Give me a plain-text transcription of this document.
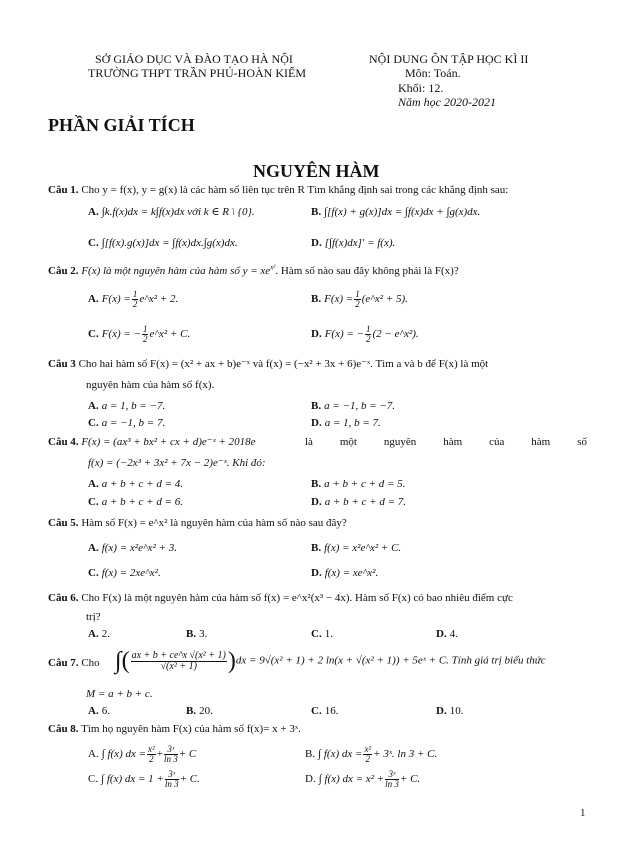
SỞ GIÁO DỤC VÀ ĐÀO TẠO HÀ NỘI
TRƯỜNG THPT TRẦN PHÚ-HOÀN KIẾM
NỘI DUNG ÔN TẬP HỌC KÌ II
Môn: Toán.
Khối: 12.
Năm học 2020-2021
PHẦN GIẢI TÍCH
NGUYÊN HÀM
Câu 1. Cho y = f(x), y = g(x) là các hàm số liên tục trên R Tìm khẳng định sai trong các khẳng định sau:
A. ∫k.f(x)dx = k∫f(x)dx với k ∈ R \ {0}.	B. ∫[f(x) + g(x)]dx = ∫f(x)dx + ∫g(x)dx.
C. ∫[f(x).g(x)]dx = ∫f(x)dx.∫g(x)dx.	D. [∫f(x)dx]′ = f(x).
Câu 2. F(x) là một nguyên hàm của hàm số $y = xe^{x^2}$. Hàm số nào sau đây không phải là F(x)?
A. $F(x) = \frac{1}{2}$ e^x² + 2.	B. $F(x) = \frac{1}{2}$ (e^x² + 5).
C. F(x) = − $\frac{1}{2}$ e^x² + C.	D. F(x) = − $\frac{1}{2} (2$ − e^x²).
Câu 3 Cho hai hàm số F(x) = (x² + ax + b)e⁻ˣ và f(x) = (−x² + 3x + 6)e⁻ˣ. Tìm a và b để F(x) là một
nguyên hàm của hàm số f(x).
A. a = 1, b = −7.	B. a = −1, b = −7.
C. a = −1, b = 7.	D. a = 1, b = 7.
Câu 4. F(x) = (ax³ + bx² + cx + d)e⁻ˣ + 2018e	là một nguyên hàm của hàm số
f(x) = (−2x³ + 3x² + 7x − 2)e⁻ˣ. Khi đó:
A. a + b + c + d = 4.	B. a + b + c + d = 5.
C. a + b + c + d = 6.	D. a + b + c + d = 7.
Câu 5. Hàm số F(x) = e^x² là nguyên hàm của hàm số nào sau đây?
A. f(x) = x²e^x² + 3.	B. f(x) = x²e^x² + C.
C. f(x) = 2xe^x².	D. f(x) = xe^x².
Câu 6. Cho F(x) là một nguyên hàm của hàm số f(x) = e^x²(x³ − 4x). Hàm số F(x) có bao nhiêu điểm cực
trị?
A. 2.	B. 3.	C. 1.	D. 4.
Câu 7. Cho ∫( $\frac{\text{ax + b + ce\textasciicircum{}x √(x² + 1)}}{\text{√(x² + 1)}} )dx = 9√(x^2 + 1) + 2$ ln(x + √(x² + 1)) + 5eˣ + C. Tính giá trị biểu thức
M = a + b + c.
A. 6.	B. 20.	C. 16.	D. 10.
Câu 8. Tìm họ nguyên hàm F(x) của hàm số f(x)= x + 3ˣ.
A. ∫ f(x) dx = $\frac{\text{x²}}{2} + \frac{\text{3ˣ}}{\ln 3} + C$	B. ∫ f(x) dx = $\frac{\text{x²}}{2}$ + 3ˣ. ln 3 + C.
C. ∫ f(x) dx = $1 + \frac{\text{3ˣ}}{\ln 3} + C$.	D. ∫ f(x) dx = $x^2 + \frac{\text{3ˣ}}{\ln 3} + C$.
1
